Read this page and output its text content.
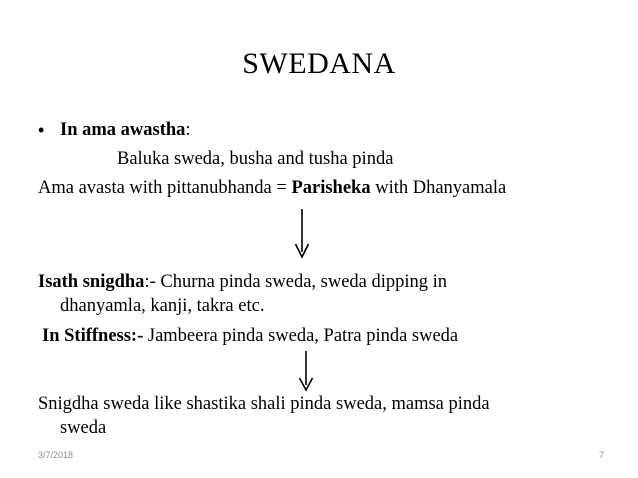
SWEDANA
• In ama awastha:
Baluka sweda, busha and tusha pinda
Ama avasta with pittanubhanda = Parisheka with Dhanyamala
Isath snigdha:- Churna pinda sweda, sweda dipping in
dhanyamla, kanji, takra etc.
In Stiffness:- Jambeera pinda sweda, Patra pinda sweda
Snigdha sweda like shastika shali pinda sweda, mamsa pinda
sweda
3/7/2018	7
